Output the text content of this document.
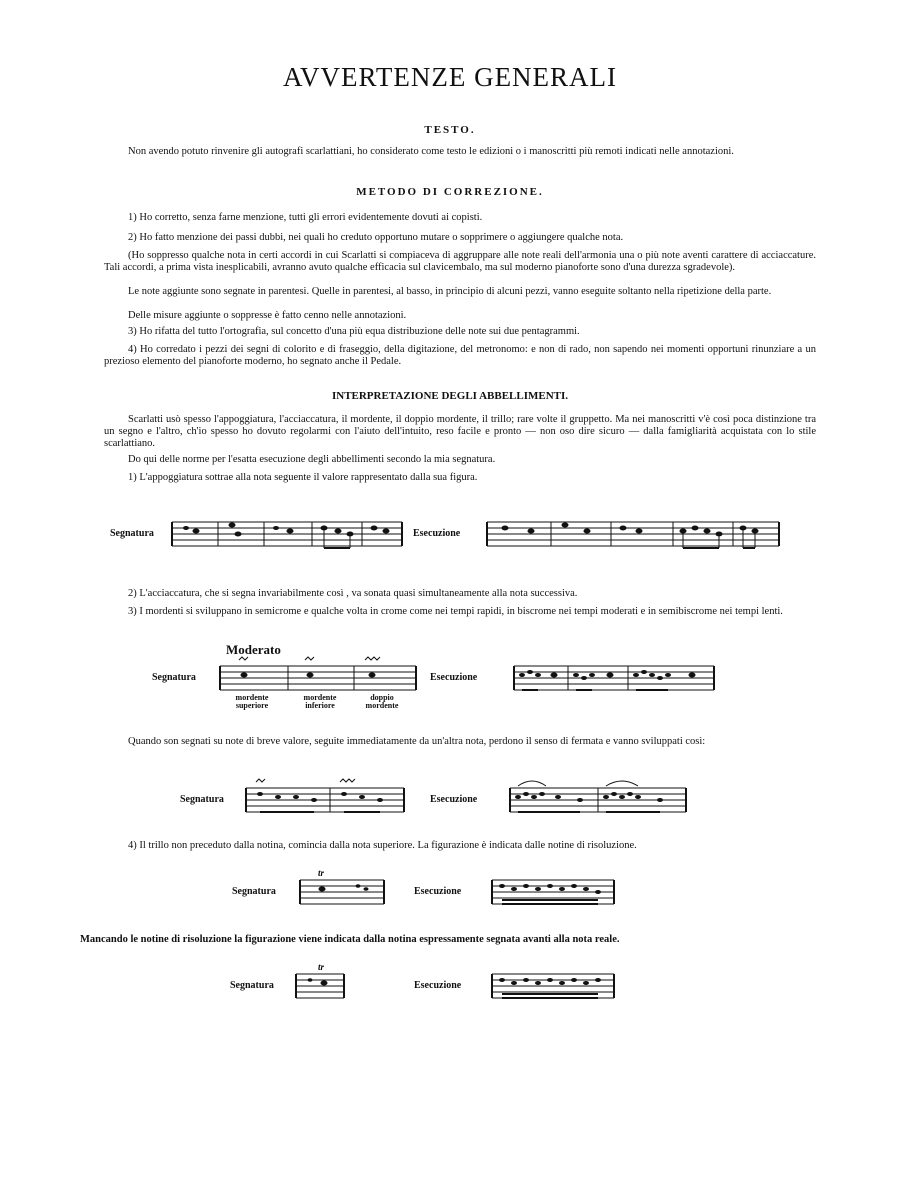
AVVERTENZE GENERALI
TESTO.
Non avendo potuto rinvenire gli autografi scarlattiani, ho considerato come testo le edizioni o i manoscritti più remoti indicati nelle annotazioni.
METODO DI CORREZIONE.
1) Ho corretto, senza farne menzione, tutti gli errori evidentemente dovuti ai copisti.
2) Ho fatto menzione dei passi dubbi, nei quali ho creduto opportuno mutare o sopprimere o aggiungere qualche nota.
(Ho soppresso qualche nota in certi accordi in cui Scarlatti si compiaceva di aggruppare alle note reali dell'armonia una o più note aventi carattere di acciaccature. Tali accordi, a prima vista inesplicabili, avranno avuto qualche efficacia sul clavicembalo, ma sul moderno pianoforte sono d'una durezza sgradevole).
Le note aggiunte sono segnate in parentesi. Quelle in parentesi, al basso, in principio di alcuni pezzi, vanno eseguite soltanto nella ripetizione della parte.
Delle misure aggiunte o soppresse è fatto cenno nelle annotazioni.
3) Ho rifatta del tutto l'ortografia, sul concetto d'una più equa distribuzione delle note sui due pentagrammi.
4) Ho corredato i pezzi dei segni di colorito e di fraseggio, della digitazione, del metronomo: e non di rado, non sapendo nei momenti opportuni rinunziare a un prezioso elemento del pianoforte moderno, ho segnato anche il Pedale.
INTERPRETAZIONE DEGLI ABBELLIMENTI.
Scarlatti usò spesso l'appoggiatura, l'acciaccatura, il mordente, il doppio mordente, il trillo; rare volte il gruppetto. Ma nei manoscritti v'è così poca distinzione tra un segno e l'altro, ch'io spesso ho dovuto regolarmi con l'aiuto dell'intuito, reso facile e pronto — non oso dire sicuro — dalla famigliarità acquistata con lo stile scarlattiano.
Do qui delle norme per l'esatta esecuzione degli abbellimenti secondo la mia segnatura.
1) L'appoggiatura sottrae alla nota seguente il valore rappresentato dalla sua figura.
Segnatura	Esecuzione
2) L'acciaccatura, che si segna invariabilmente così , va sonata quasi simultaneamente alla nota successiva.
3) I mordenti si sviluppano in semicrome e qualche volta in crome come nei tempi rapidi, in biscrome nei tempi moderati e in semibiscrome nei tempi lenti.
Moderato
Segnatura
mordente superiore
mordente inferiore
doppio mordente
Esecuzione
Quando son segnati su note di breve valore, seguite immediatamente da un'altra nota, perdono il senso di fermata e vanno sviluppati così:
Segnatura	Esecuzione
4) Il trillo non preceduto dalla notina, comincia dalla nota superiore. La figurazione è indicata dalle notine di risoluzione.
Segnatura
tr
Esecuzione
Mancando le notine di risoluzione la figurazione viene indicata dalla notina espressamente segnata avanti alla nota reale.
Segnatura
tr
Esecuzione
